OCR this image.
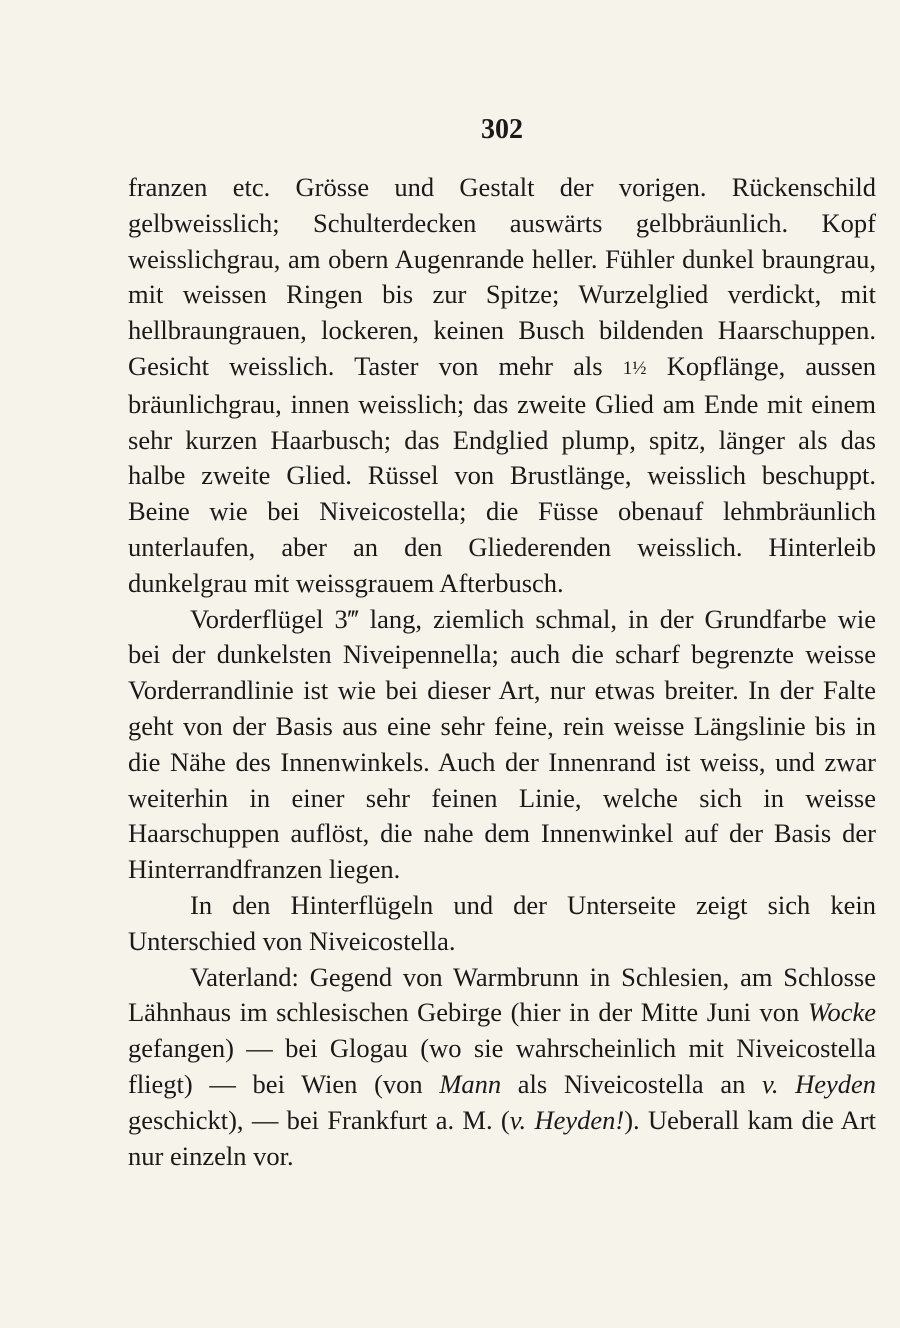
302

franzen etc. Grösse und Gestalt der vorigen. Rückenschild gelbweisslich; Schulterdecken auswärts gelbbräunlich. Kopf weisslichgrau, am obern Augenrande heller. Fühler dunkel braungrau, mit weissen Ringen bis zur Spitze; Wurzelglied verdickt, mit hellbraungrauen, lockeren, keinen Busch bildenden Haarschuppen. Gesicht weisslich. Taster von mehr als 1½ Kopflänge, aussen bräunlichgrau, innen weisslich; das zweite Glied am Ende mit einem sehr kurzen Haarbusch; das Endglied plump, spitz, länger als das halbe zweite Glied. Rüssel von Brustlänge, weisslich beschuppt. Beine wie bei Niveicostella; die Füsse obenauf lehmbräunlich unterlaufen, aber an den Gliederenden weisslich. Hinterleib dunkelgrau mit weissgrauem Afterbusch.

Vorderflügel 3‴ lang, ziemlich schmal, in der Grundfarbe wie bei der dunkelsten Niveipennella; auch die scharf begrenzte weisse Vorderrandlinie ist wie bei dieser Art, nur etwas breiter. In der Falte geht von der Basis aus eine sehr feine, rein weisse Längslinie bis in die Nähe des Innenwinkels. Auch der Innenrand ist weiss, und zwar weiterhin in einer sehr feinen Linie, welche sich in weisse Haarschuppen auflöst, die nahe dem Innenwinkel auf der Basis der Hinterrandfranzen liegen.

In den Hinterflügeln und der Unterseite zeigt sich kein Unterschied von Niveicostella.

Vaterland: Gegend von Warmbrunn in Schlesien, am Schlosse Lähnhaus im schlesischen Gebirge (hier in der Mitte Juni von Wocke gefangen) — bei Glogau (wo sie wahrscheinlich mit Niveicostella fliegt) — bei Wien (von Mann als Niveicostella an v. Heyden geschickt), — bei Frankfurt a. M. (v. Heyden!). Ueberall kam die Art nur einzeln vor.
